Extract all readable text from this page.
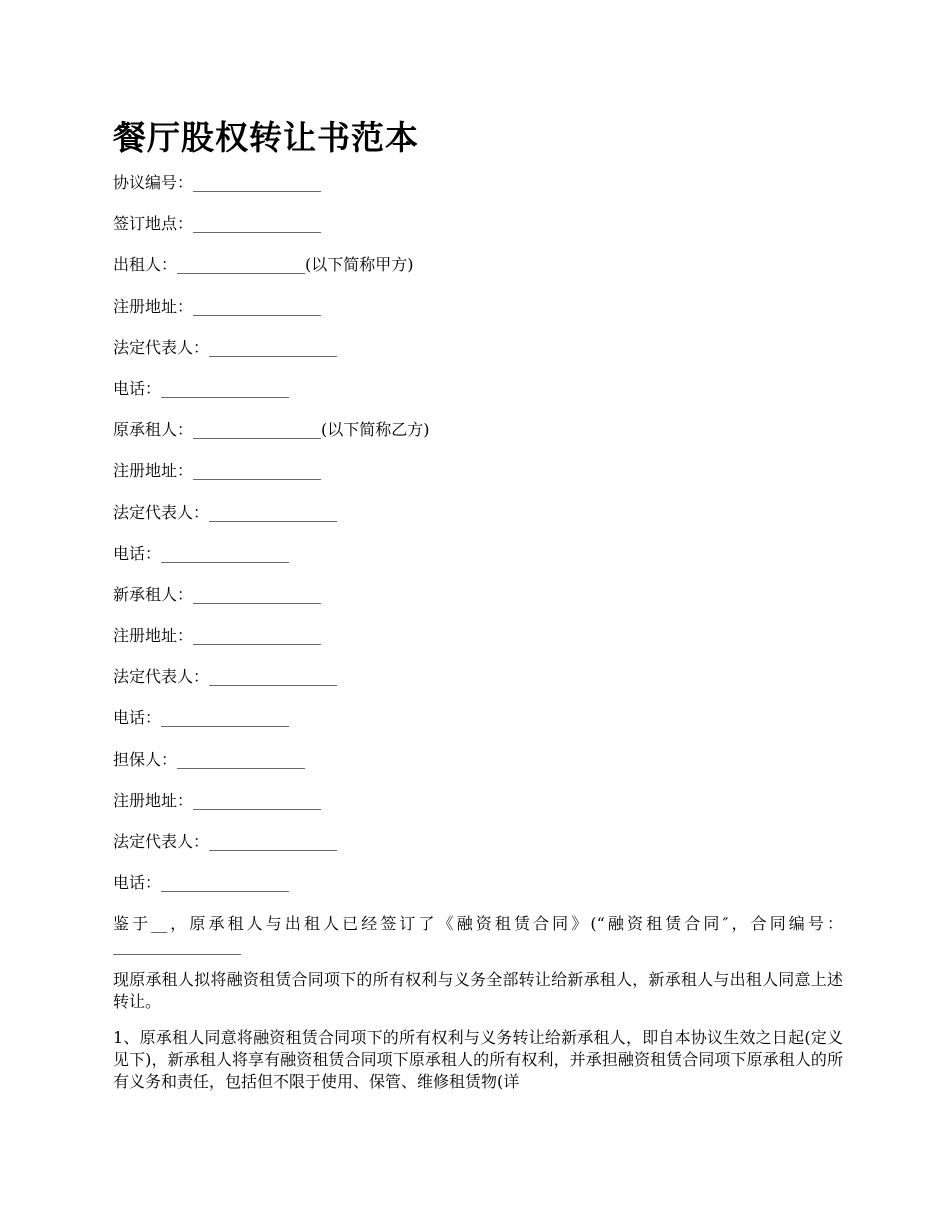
餐厅股权转让书范本
协议编号：________________
签订地点：________________
出租人：________________(以下简称甲方)
注册地址：________________
法定代表人：________________
电话：________________
原承租人：________________(以下简称乙方)
注册地址：________________
法定代表人：________________
电话：________________
新承租人：________________
注册地址：________________
法定代表人：________________
电话：________________
担保人：________________
注册地址：________________
法定代表人：________________
电话：________________

鉴于__，原承租人与出租人已经签订了《融资租赁合同》(“融资租赁合同″，合同编号：________________

现原承租人拟将融资租赁合同项下的所有权利与义务全部转让给新承租人，新承租人与出租人同意上述转让。

1、原承租人同意将融资租赁合同项下的所有权利与义务转让给新承租人，即自本协议生效之日起(定义见下)，新承租人将享有融资租赁合同项下原承租人的所有权利，并承担融资租赁合同项下原承租人的所有义务和责任，包括但不限于使用、保管、维修租赁物(详
